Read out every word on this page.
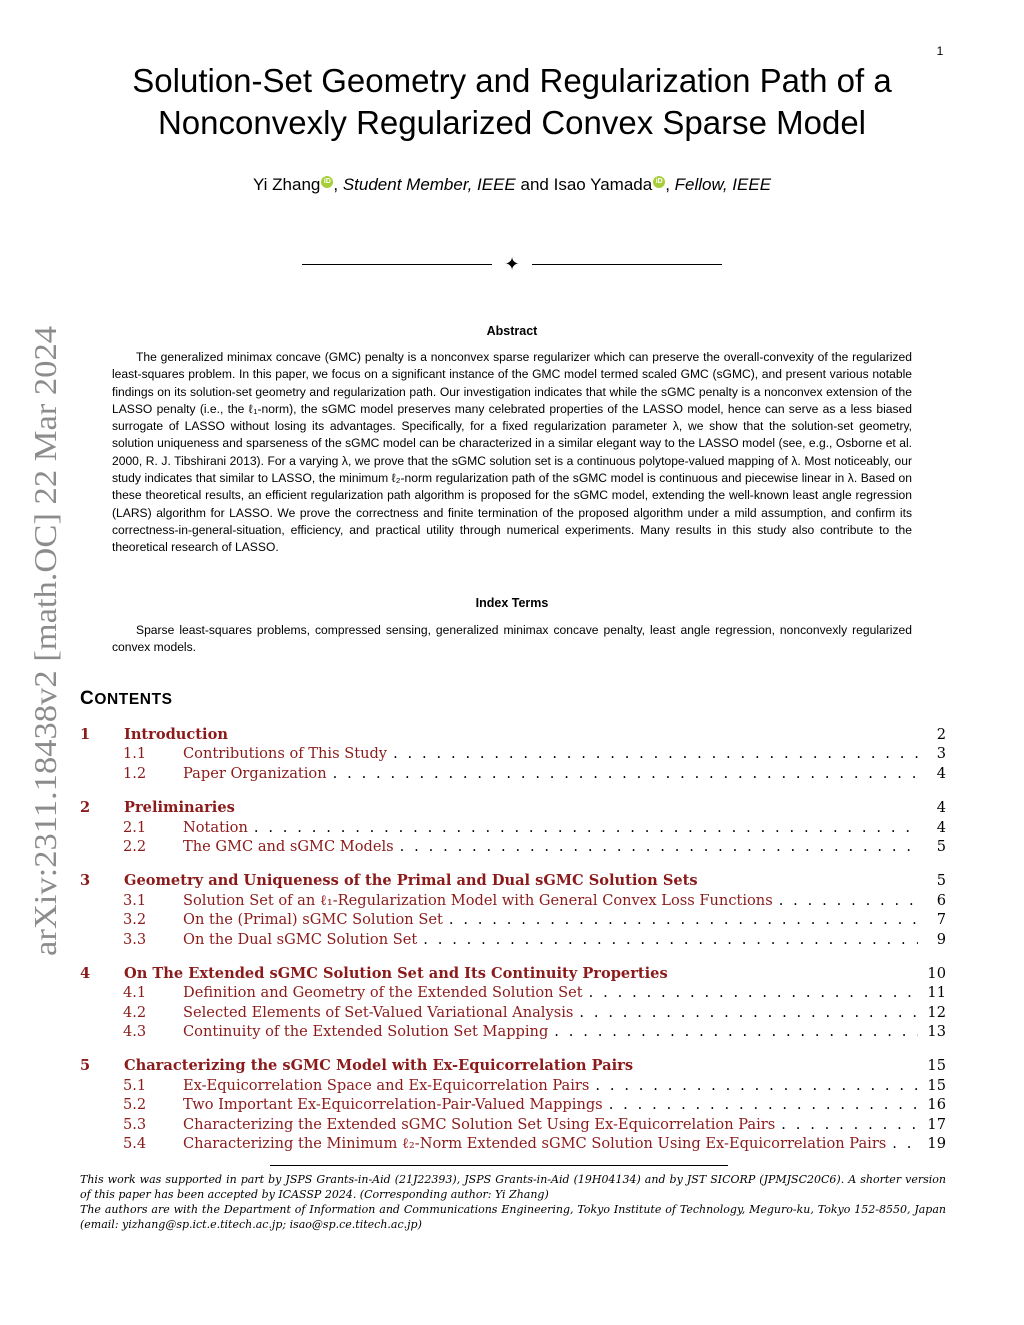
1
arXiv:2311.18438v2 [math.OC] 22 Mar 2024
Solution-Set Geometry and Regularization Path of a
Nonconvexly Regularized Convex Sparse Model
Yi Zhang iD , Student Member, IEEE and Isao Yamada iD , Fellow, IEEE
✦
Abstract

The generalized minimax concave (GMC) penalty is a nonconvex sparse regularizer which can preserve the overall-convexity of the regularized least-squares problem. In this paper, we focus on a significant instance of the GMC model termed scaled GMC (sGMC), and present various notable findings on its solution-set geometry and regularization path. Our investigation indicates that while the sGMC penalty is a nonconvex extension of the LASSO penalty (i.e., the ℓ₁-norm), the sGMC model preserves many celebrated properties of the LASSO model, hence can serve as a less biased surrogate of LASSO without losing its advantages. Specifically, for a fixed regularization parameter λ, we show that the solution-set geometry, solution uniqueness and sparseness of the sGMC model can be characterized in a similar elegant way to the LASSO model (see, e.g., Osborne et al. 2000, R. J. Tibshirani 2013). For a varying λ, we prove that the sGMC solution set is a continuous polytope-valued mapping of λ. Most noticeably, our study indicates that similar to LASSO, the minimum ℓ₂-norm regularization path of the sGMC model is continuous and piecewise linear in λ. Based on these theoretical results, an efficient regularization path algorithm is proposed for the sGMC model, extending the well-known least angle regression (LARS) algorithm for LASSO. We prove the correctness and finite termination of the proposed algorithm under a mild assumption, and confirm its correctness-in-general-situation, efficiency, and practical utility through numerical experiments. Many results in this study also contribute to the theoretical research of LASSO.

Index Terms

Sparse least-squares problems, compressed sensing, generalized minimax concave penalty, least angle regression, nonconvexly regularized convex models.

CONTENTS
1	Introduction	2
1.1	Contributions of This Study . . .	3
1.2	Paper Organization . . .	4
2	Preliminaries	4
2.1	Notation . . .	4
2.2	The GMC and sGMC Models . . .	5
3	Geometry and Uniqueness of the Primal and Dual sGMC Solution Sets	5
3.1	Solution Set of an ℓ₁-Regularization Model with General Convex Loss Functions . . .	6
3.2	On the (Primal) sGMC Solution Set . . .	7
3.3	On the Dual sGMC Solution Set . . .	9
4	On The Extended sGMC Solution Set and Its Continuity Properties	10
4.1	Definition and Geometry of the Extended Solution Set . . .	11
4.2	Selected Elements of Set-Valued Variational Analysis . . .	12
4.3	Continuity of the Extended Solution Set Mapping . . .	13
5	Characterizing the sGMC Model with Ex-Equicorrelation Pairs	15
5.1	Ex-Equicorrelation Space and Ex-Equicorrelation Pairs . . .	15
5.2	Two Important Ex-Equicorrelation-Pair-Valued Mappings . . .	16
5.3	Characterizing the Extended sGMC Solution Set Using Ex-Equicorrelation Pairs . . .	17
5.4	Characterizing the Minimum ℓ₂-Norm Extended sGMC Solution Using Ex-Equicorrelation Pairs . . .	19

This work was supported in part by JSPS Grants-in-Aid (21J22393), JSPS Grants-in-Aid (19H04134) and by JST SICORP (JPMJSC20C6). A shorter version of this paper has been accepted by ICASSP 2024. (Corresponding author: Yi Zhang)

The authors are with the Department of Information and Communications Engineering, Tokyo Institute of Technology, Meguro-ku, Tokyo 152-8550, Japan (email: yizhang@sp.ict.e.titech.ac.jp; isao@sp.ce.titech.ac.jp)
